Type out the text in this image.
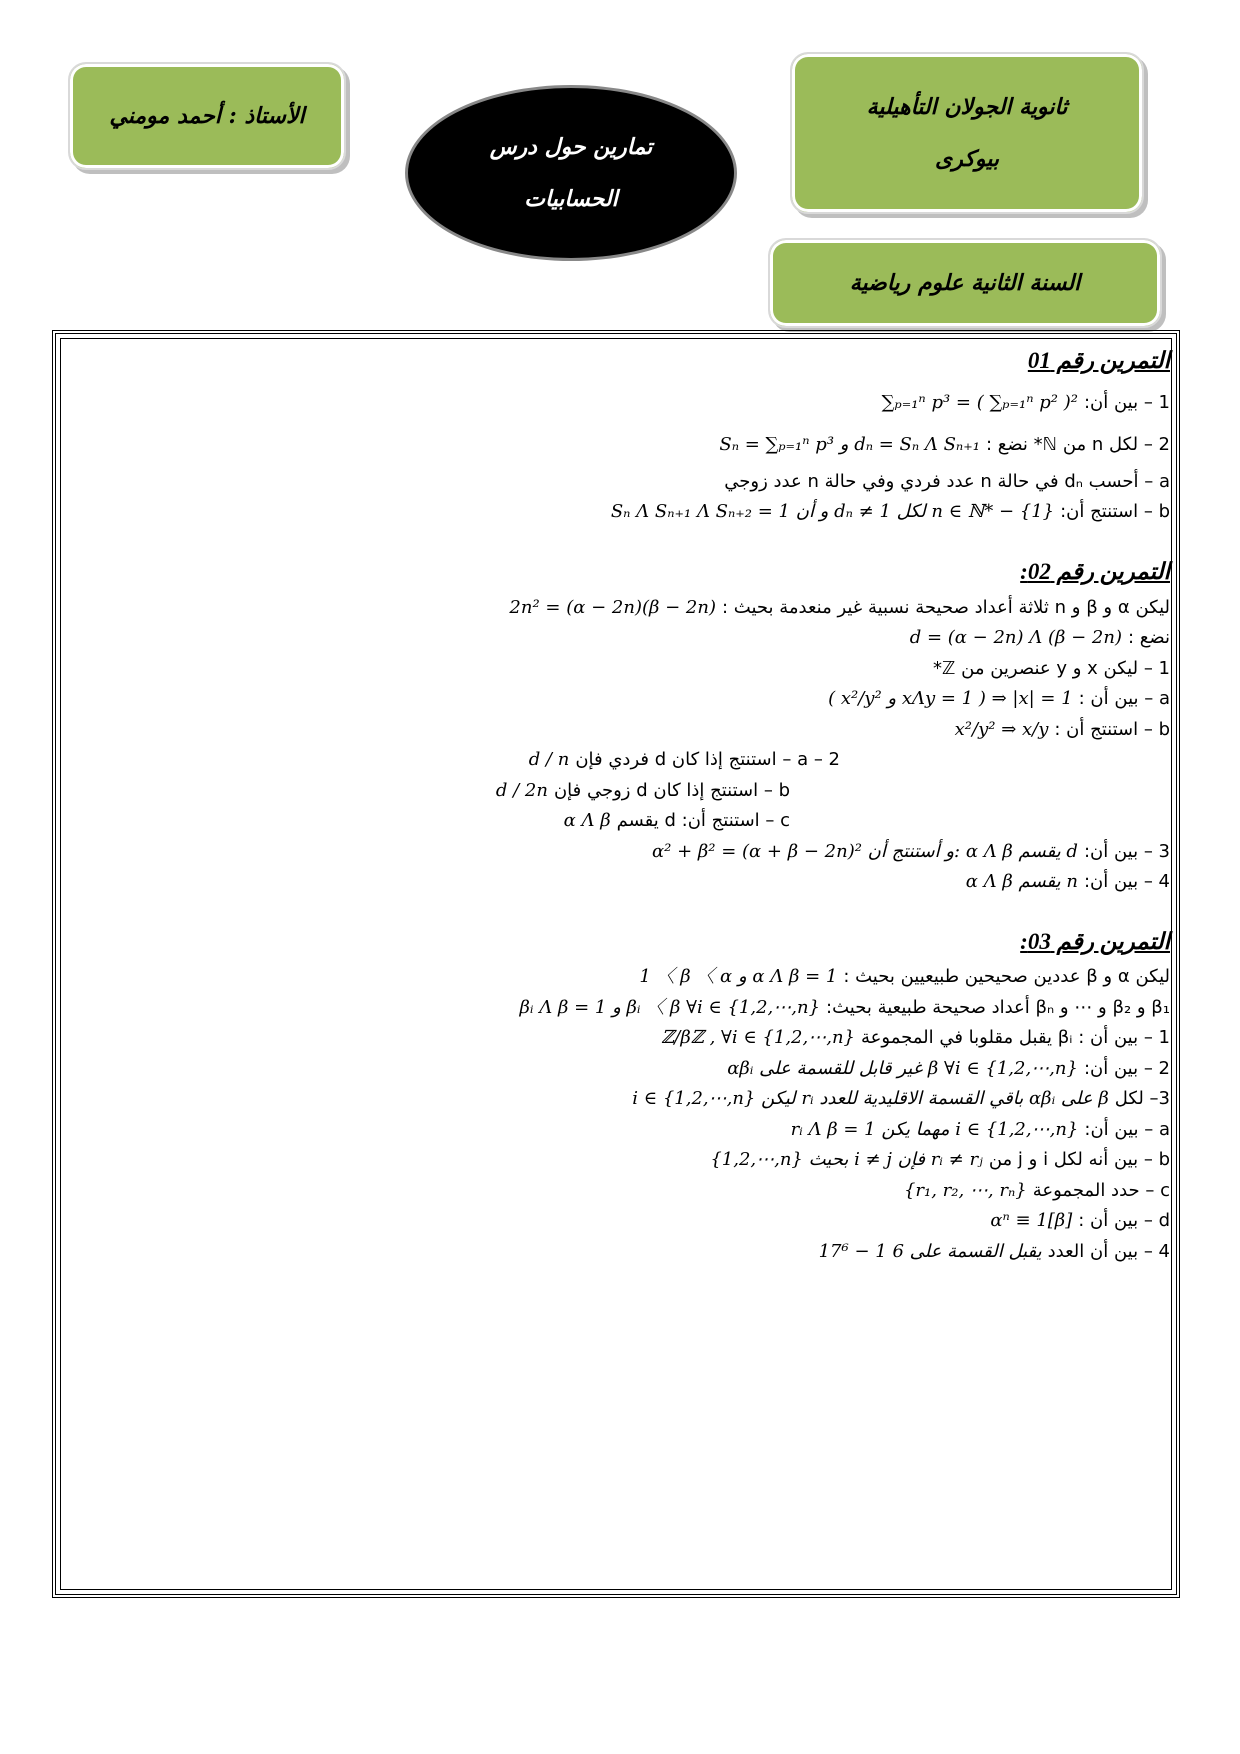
ثانوية الجولان التأهيلية
بيوكرى
تمارين حول درس
الحسابيات
الأستاذ : أحمد مومني
السنة الثانية علوم رياضية
التمرين رقم 01
1 – بين أن:∑ₚ₌₁ⁿ p³ = ( ∑ₚ₌₁ⁿ p² )²
2 – لكل n من ℕ* نضع :Sₙ = ∑ₚ₌₁ⁿ p³ و dₙ = Sₙ Λ Sₙ₊₁
a – أحسب dₙ في حالة n عدد فردي وفي حالة n عدد زوجي
b – استنتج أن:Sₙ Λ Sₙ₊₁ Λ Sₙ₊₂ = 1 و أن dₙ ≠ 1 لكل n ∈ ℕ* − {1}
التمرين رقم 02:
ليكن α و β و n ثلاثة أعداد صحيحة نسبية غير منعدمة بحيث :2n² = (α − 2n)(β − 2n)
نضع :d = (α − 2n) Λ (β − 2n)
1 – ليكن x و y عنصرين من ℤ*
a – بين أن :( x²/y² و xΛy = 1 ) ⇒ |x| = 1
b – استنتج أن :x²/y² ⇒ x/y
2 – a – استنتج إذا كان d فردي فإنd / n
b – استنتج إذا كان d زوجي فإنd / 2n
c – استنتج أن: d يقسمα Λ β
3 – بين أن:α² + β² = (α + β − 2n)² و أستنتج أن: α Λ β يقسم d
4 – بين أن:α Λ β يقسم n
التمرين رقم 03:
ليكن α و β عددين صحيحين طبيعيين بحيث :1 〈 β 〈 α و α Λ β = 1
β₁ و β₂ و ⋯ و βₙ أعداد صحيحة طبيعية بحيث:βᵢ Λ β = 1 و βᵢ 〈 β ∀i ∈ {1,2,⋯,n}
1 – بين أن : βᵢ يقبل مقلوبا في المجموعةℤ/βℤ , ∀i ∈ {1,2,⋯,n}
2 – بين أن:αβᵢ غير قابل للقسمة على β ∀i ∈ {1,2,⋯,n}
3– لكلi ∈ {1,2,⋯,n} ليكن rᵢ باقي القسمة الاقليدية للعدد αβᵢ على β
a – بين أن:rᵢ Λ β = 1 مهما يكن i ∈ {1,2,⋯,n}
b – بين أنه لكل i و j من{1,2,⋯,n} بحيث i ≠ j فإن rᵢ ≠ rⱼ
c – حدد المجموعة{r₁, r₂, ⋯, rₙ}
d – بين أن :αⁿ ≡ 1[β]
4 – بين أن العدد17⁶ − 1 يقبل القسمة على 6
